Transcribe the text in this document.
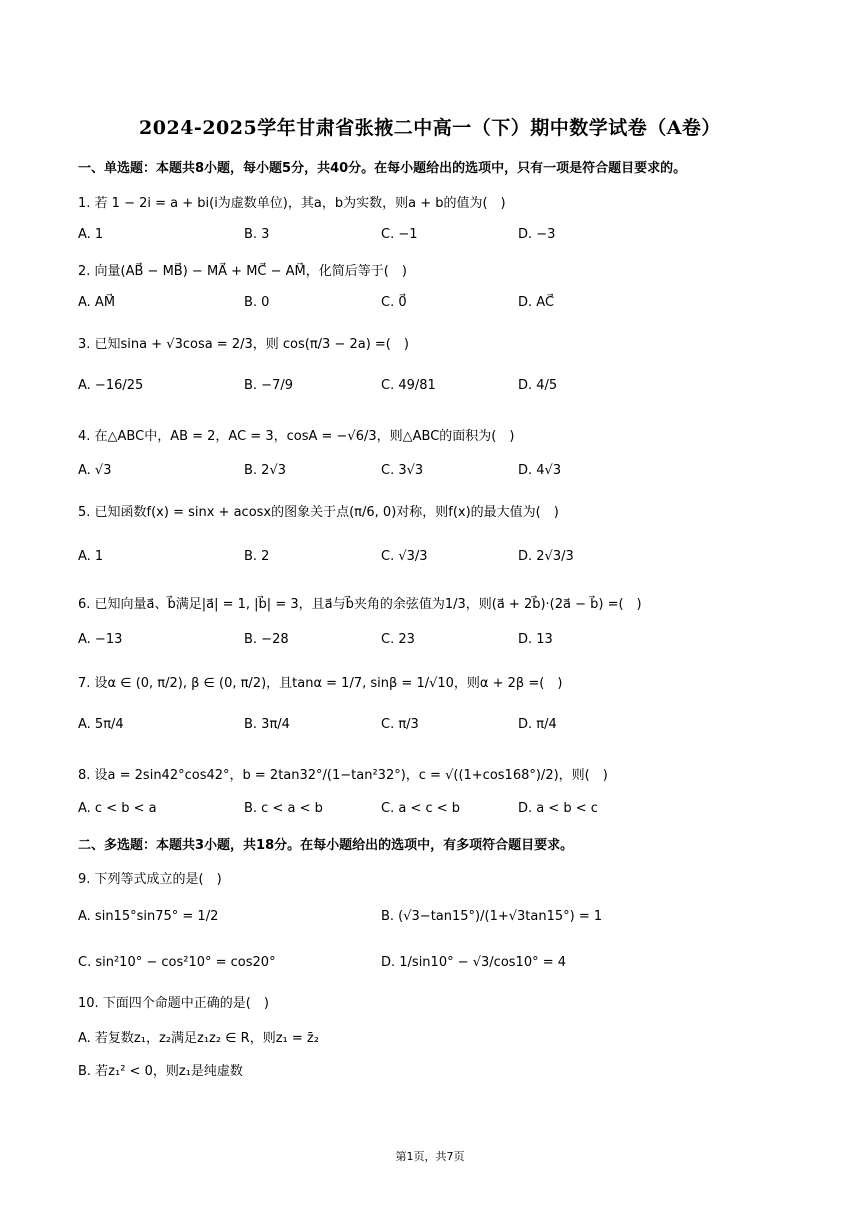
2024-2025学年甘肃省张掖二中高一（下）期中数学试卷（A卷）
一、单选题：本题共8小题，每小题5分，共40分。在每小题给出的选项中，只有一项是符合题目要求的。
1. 若 1 − 2i = a + bi(i为虚数单位)，其a，b为实数，则a + b的值为(　)
A. 1	B. 3	C. −1	D. −3
2. 向量(AB⃗ − MB⃗) − MA⃗ + MC⃗ − AM⃗，化简后等于(　)
A. AM⃗	B. 0	C. 0⃗	D. AC⃗
3. 已知sina + √3cosa = 2/3，则 cos(π/3 − 2a) =(　)
A. −16/25	B. −7/9	C. 49/81	D. 4/5
4. 在△ABC中，AB = 2，AC = 3，cosA = −√6/3，则△ABC的面积为(　)
A. √3	B. 2√3	C. 3√3	D. 4√3
5. 已知函数f(x) = sinx + acosx的图象关于点(π/6, 0)对称，则f(x)的最大值为(　)
A. 1	B. 2	C. √3/3	D. 2√3/3
6. 已知向量a⃗、b⃗满足|a⃗| = 1, |b⃗| = 3，且a⃗与b⃗夹角的余弦值为1/3，则(a⃗ + 2b⃗)·(2a⃗ − b⃗) =(　)
A. −13	B. −28	C. 23	D. 13
7. 设α ∈ (0, π/2), β ∈ (0, π/2)，且tanα = 1/7, sinβ = 1/√10，则α + 2β =(　)
A. 5π/4	B. 3π/4	C. π/3	D. π/4
8. 设a = 2sin42°cos42°，b = 2tan32°/(1−tan²32°)，c = √((1+cos168°)/2)，则(　)
A. c < b < a	B. c < a < b	C. a < c < b	D. a < b < c
二、多选题：本题共3小题，共18分。在每小题给出的选项中，有多项符合题目要求。
9. 下列等式成立的是(　)
A. sin15°sin75° = 1/2	B. (√3−tan15°)/(1+√3tan15°) = 1
C. sin²10° − cos²10° = cos20°	D. 1/sin10° − √3/cos10° = 4
10. 下面四个命题中正确的是(　)
A. 若复数z₁，z₂满足z₁z₂ ∈ R，则z₁ = z̄₂
B. 若z₁² < 0，则z₁是纯虚数
第1页，共7页
